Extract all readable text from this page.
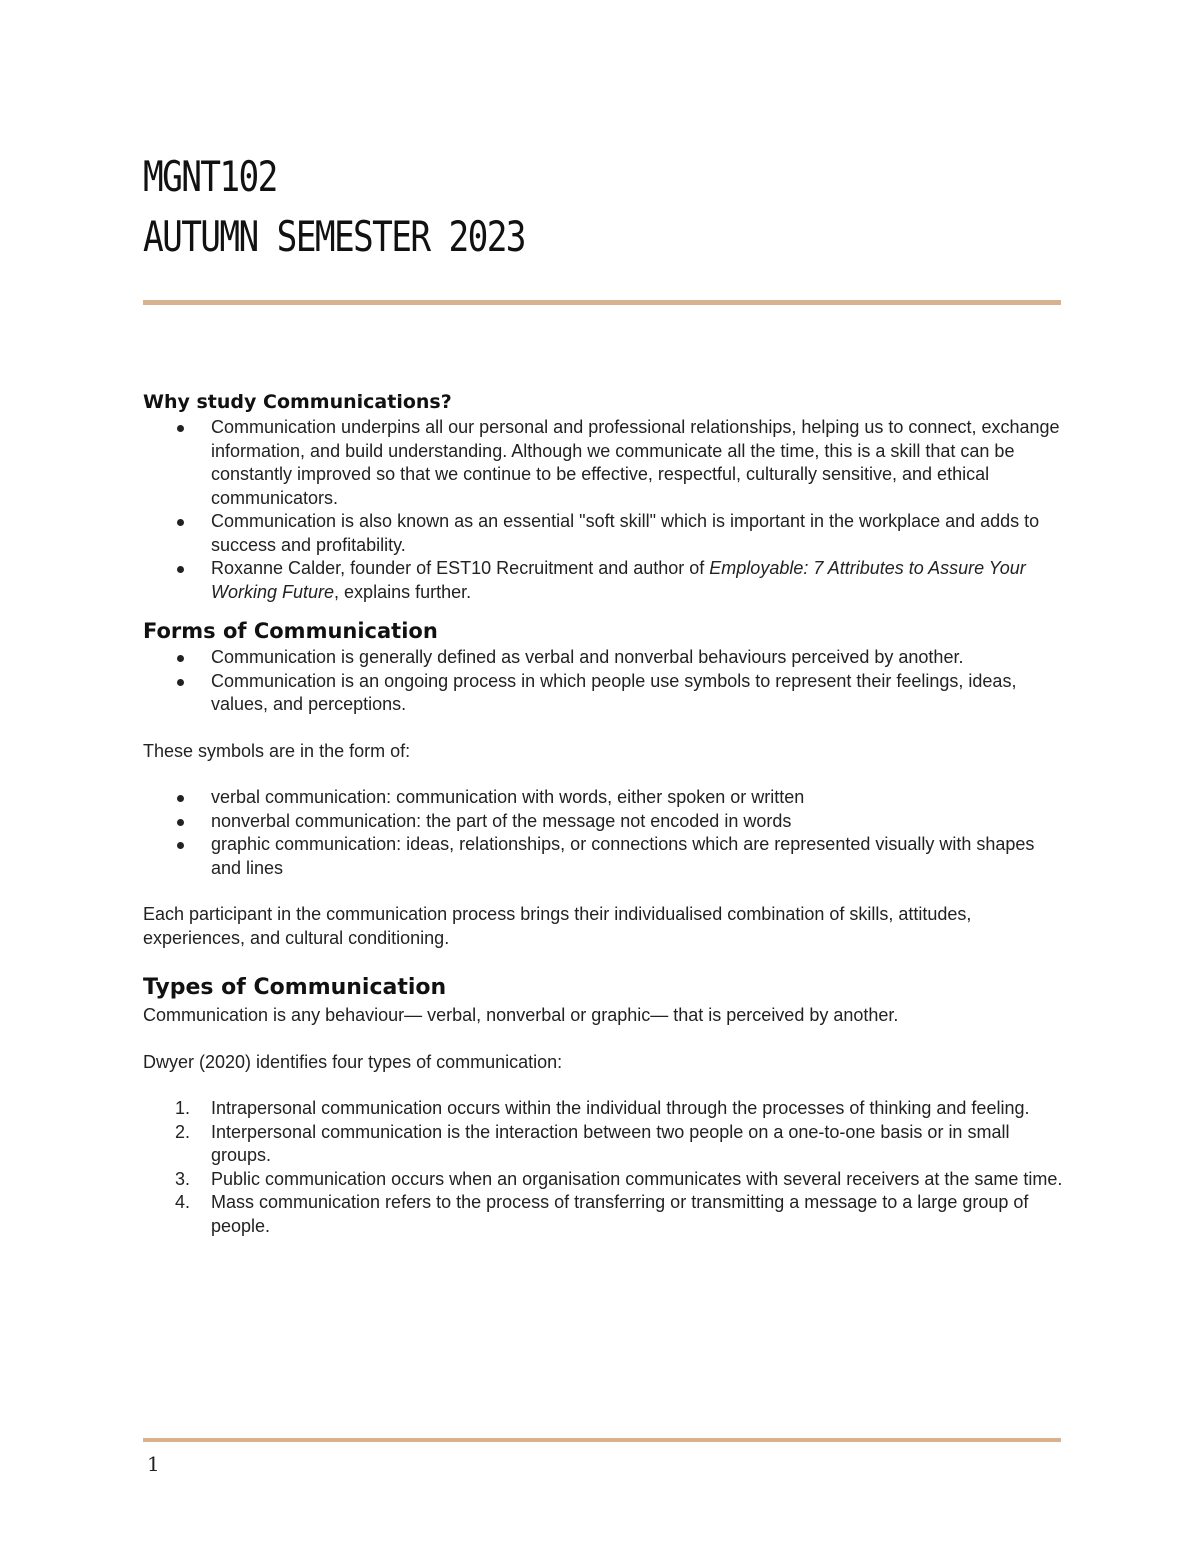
MGNT102
AUTUMN SEMESTER 2023
Why study Communications?
Communication underpins all our personal and professional relationships, helping us to connect, exchange information, and build understanding. Although we communicate all the time, this is a skill that can be constantly improved so that we continue to be effective, respectful, culturally sensitive, and ethical communicators.
Communication is also known as an essential "soft skill" which is important in the workplace and adds to success and profitability.
Roxanne Calder, founder of EST10 Recruitment and author of Employable: 7 Attributes to Assure Your Working Future, explains further.
Forms of Communication
Communication is generally defined as verbal and nonverbal behaviours perceived by another.
Communication is an ongoing process in which people use symbols to represent their feelings, ideas, values, and perceptions.

These symbols are in the form of:

verbal communication: communication with words, either spoken or written
nonverbal communication: the part of the message not encoded in words
graphic communication: ideas, relationships, or connections which are represented visually with shapes and lines

Each participant in the communication process brings their individualised combination of skills, attitudes, experiences, and cultural conditioning.

Types of Communication

Communication is any behaviour— verbal, nonverbal or graphic— that is perceived by another.

Dwyer (2020) identifies four types of communication:

1. Intrapersonal communication occurs within the individual through the processes of thinking and feeling.
2. Interpersonal communication is the interaction between two people on a one-to-one basis or in small groups.
3. Public communication occurs when an organisation communicates with several receivers at the same time.
4. Mass communication refers to the process of transferring or transmitting a message to a large group of people.
1
